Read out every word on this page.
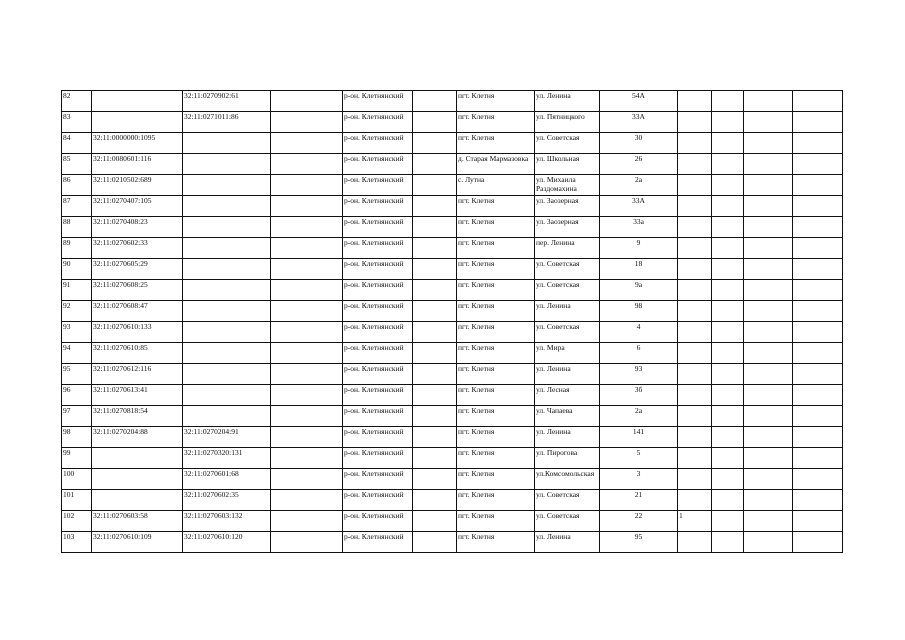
82		32:11:0270902:61		р-он. Клетнянский		пгт. Клетня	ул. Ленина	54А				
83		32:11:0271011:86		р-он. Клетнянский		пгт. Клетня	ул. Пятницкого	33А				
84	32:11:0000000:1095			р-он. Клетнянский		пгт. Клетня	ул. Советская	30				
85	32:11:0080601:116			р-он. Клетнянский		д. Старая Мармазовка	ул. Школьная	26				
86	32:11:0210502:689			р-он. Клетнянский		с. Лутна	ул. Михаила Раздомахина	2а				
87	32:11:0270407:105			р-он. Клетнянский		пгт. Клетня	ул. Заозерная	33А				
88	32:11:0270408:23			р-он. Клетнянский		пгт. Клетня	ул. Заозерная	33а				
89	32:11:0270602:33			р-он. Клетнянский		пгт. Клетня	пер. Ленина	9				
90	32:11:0270605:29			р-он. Клетнянский		пгт. Клетня	ул. Советская	18				
91	32:11:0270608:25			р-он. Клетнянский		пгт. Клетня	ул. Советская	9а				
92	32:11:0270608:47			р-он. Клетнянский		пгт. Клетня	ул. Ленина	98				
93	32:11:0270610:133			р-он. Клетнянский		пгт. Клетня	ул. Советская	4				
94	32:11:0270610:85			р-он. Клетнянский		пгт. Клетня	ул. Мира	6				
95	32:11:0270612:116			р-он. Клетнянский		пгт. Клетня	ул. Ленина	93				
96	32:11:0270613:41			р-он. Клетнянский		пгт. Клетня	ул. Лесная	3б				
97	32:11:0270818:54			р-он. Клетнянский		пгт. Клетня	ул. Чапаева	2а				
98	32:11:0270204:88	32:11:0270204:91		р-он. Клетнянский		пгт. Клетня	ул. Ленина	141				
99		32:11:0270320:131		р-он. Клетнянский		пгт. Клетня	ул. Пирогова	5				
100		32:11:0270601:68		р-он. Клетнянский		пгт. Клетня	ул.Комсомольская	3				
101		32:11:0270602:35		р-он. Клетнянский		пгт. Клетня	ул. Советская	21				
102	32:11:0270603:58	32:11:0270603:132		р-он. Клетнянский		пгт. Клетня	ул. Советская	22	1			
103	32:11:0270610:109	32:11:0270610:120		р-он. Клетнянский		пгт. Клетня	ул. Ленина	95				
